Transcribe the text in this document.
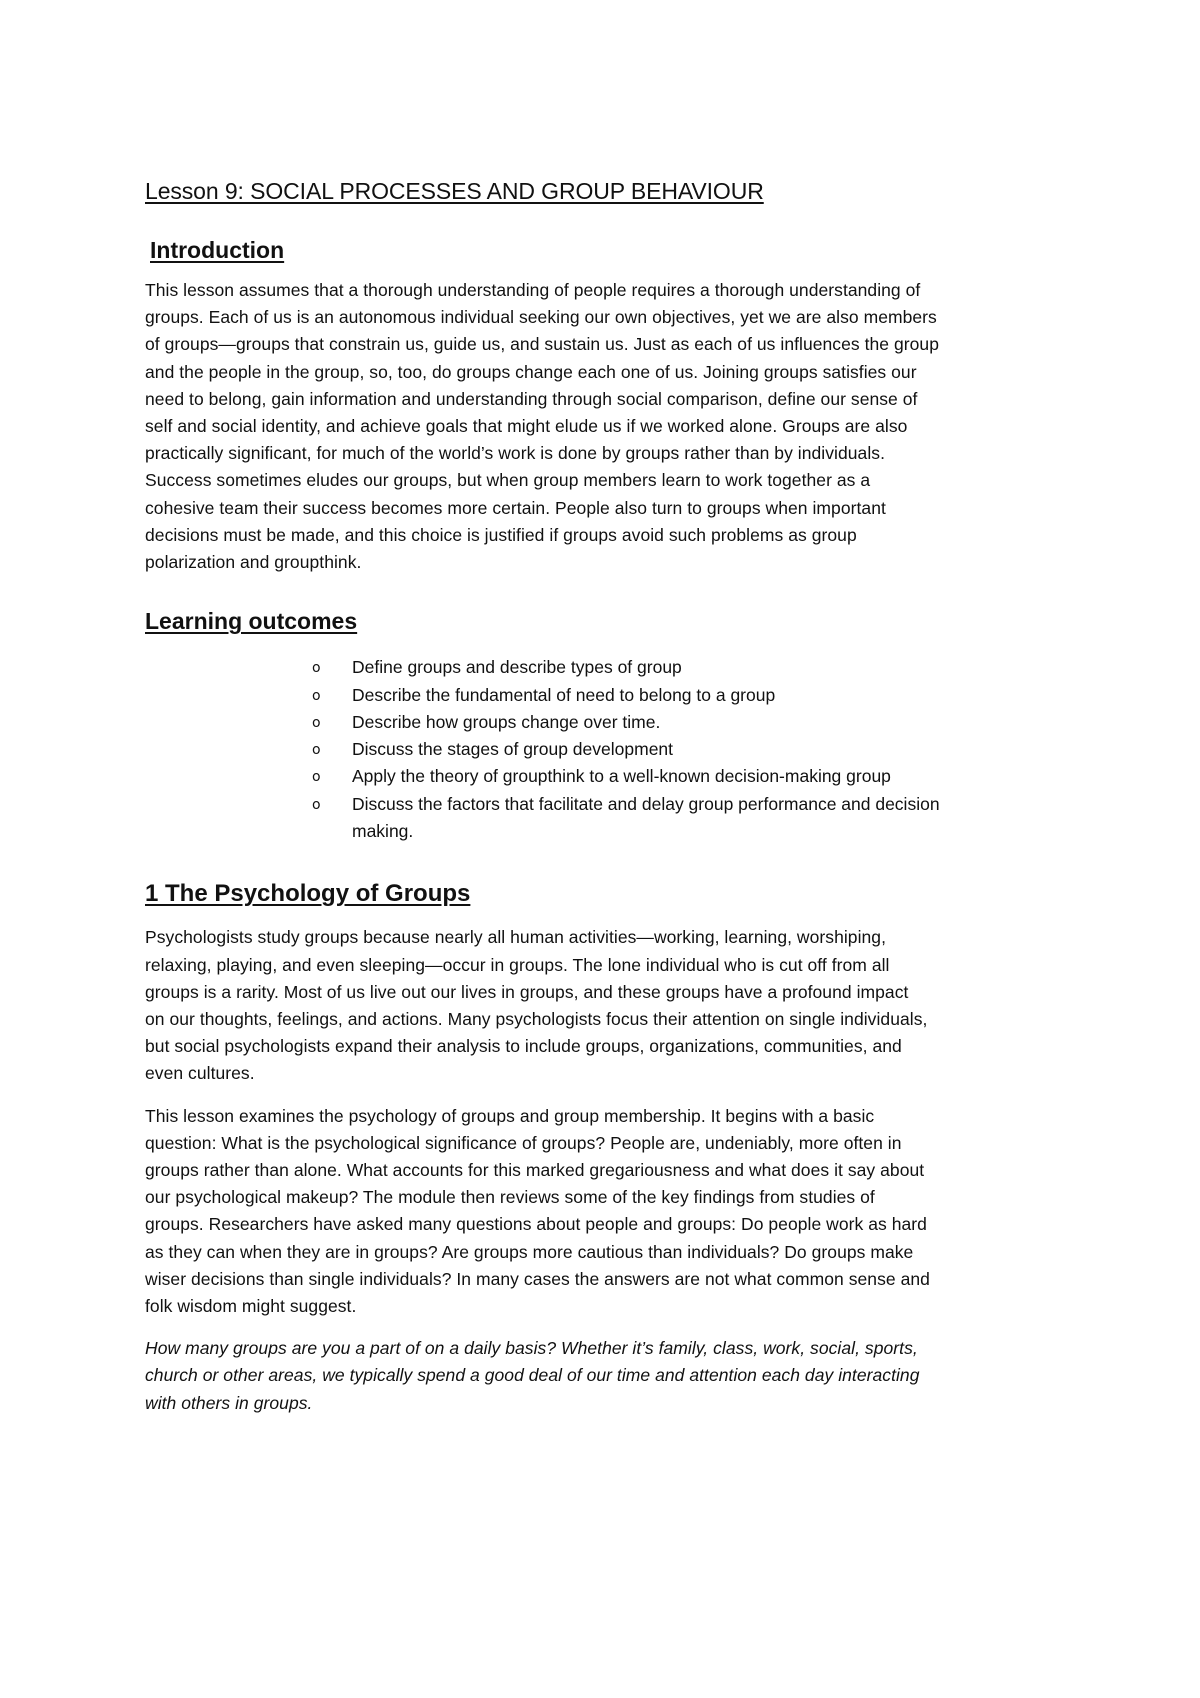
Lesson 9: SOCIAL PROCESSES AND GROUP BEHAVIOUR
Introduction
This lesson assumes that a thorough understanding of people requires a thorough understanding of
groups. Each of us is an autonomous individual seeking our own objectives, yet we are also members
of groups—groups that constrain us, guide us, and sustain us. Just as each of us influences the group
and the people in the group, so, too, do groups change each one of us. Joining groups satisfies our
need to belong, gain information and understanding through social comparison, define our sense of
self and social identity, and achieve goals that might elude us if we worked alone. Groups are also
practically significant, for much of the world’s work is done by groups rather than by individuals.
Success sometimes eludes our groups, but when group members learn to work together as a
cohesive team their success becomes more certain. People also turn to groups when important
decisions must be made, and this choice is justified if groups avoid such problems as group
polarization and groupthink.
Learning outcomes
o Define groups and describe types of group
o Describe the fundamental of need to belong to a group
o Describe how groups change over time.
o Discuss the stages of group development
o Apply the theory of groupthink to a well-known decision-making group
o Discuss the factors that facilitate and delay group performance and decision
making.
1 The Psychology of Groups
Psychologists study groups because nearly all human activities—working, learning, worshiping,
relaxing, playing, and even sleeping—occur in groups. The lone individual who is cut off from all
groups is a rarity. Most of us live out our lives in groups, and these groups have a profound impact
on our thoughts, feelings, and actions. Many psychologists focus their attention on single individuals,
but social psychologists expand their analysis to include groups, organizations, communities, and
even cultures.
This lesson examines the psychology of groups and group membership. It begins with a basic
question: What is the psychological significance of groups? People are, undeniably, more often in
groups rather than alone. What accounts for this marked gregariousness and what does it say about
our psychological makeup? The module then reviews some of the key findings from studies of
groups. Researchers have asked many questions about people and groups: Do people work as hard
as they can when they are in groups? Are groups more cautious than individuals? Do groups make
wiser decisions than single individuals? In many cases the answers are not what common sense and
folk wisdom might suggest.
How many groups are you a part of on a daily basis? Whether it’s family, class, work, social, sports,
church or other areas, we typically spend a good deal of our time and attention each day interacting
with others in groups.
